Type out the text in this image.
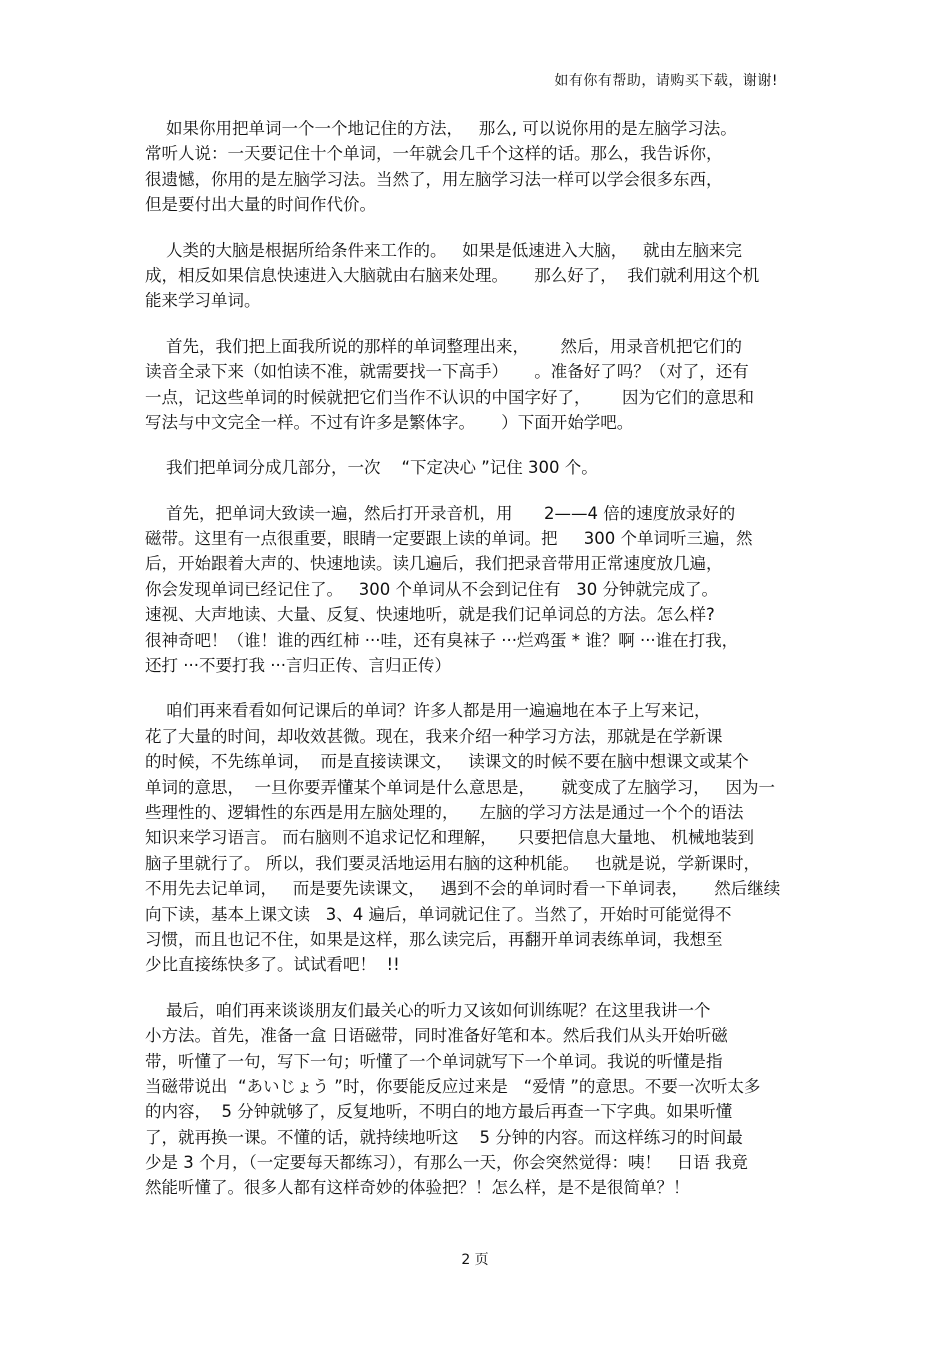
如有你有帮助，请购买下载，谢谢!
如果你用把单词一个一个地记住的方法，   那么, 可以说你用的是左脑学习法。
常听人说：一天要记住十个单词，一年就会几千个这样的话。那么，我告诉你，
很遗憾，你用的是左脑学习法。当然了，用左脑学习法一样可以学会很多东西，
但是要付出大量的时间作代价。
人类的大脑是根据所给条件来工作的。   如果是低速进入大脑，   就由左脑来完
成，相反如果信息快速进入大脑就由右脑来处理。     那么好了，  我们就利用这个机
能来学习单词。
首先，我们把上面我所说的那样的单词整理出来，      然后，用录音机把它们的
读音全录下来（如怕读不准，就需要找一下高手）     。准备好了吗？（对了，还有
一点，记这些单词的时候就把它们当作不认识的中国字好了，      因为它们的意思和
写法与中文完全一样。不过有许多是繁体字。     ）下面开始学吧。
我们把单词分成几部分，一次    “下定决心 ”记住 300 个。
首先，把单词大致读一遍，然后打开录音机，用      2——4 倍的速度放录好的
磁带。这里有一点很重要，眼睛一定要跟上读的单词。把     300 个单词听三遍，然
后，开始跟着大声的、快速地读。读几遍后，我们把录音带用正常速度放几遍，
你会发现单词已经记住了。   300 个单词从不会到记住有   30 分钟就完成了。
速视、大声地读、大量、反复、快速地听，就是我们记单词总的方法。怎么样?
很神奇吧！（谁！谁的西红柿 ···哇，还有臭袜子 ···烂鸡蛋 * 谁？啊 ···谁在打我，
还打 ···不要打我 ···言归正传、言归正传）
咱们再来看看如何记课后的单词？许多人都是用一遍遍地在本子上写来记，
花了大量的时间，却收效甚微。现在，我来介绍一种学习方法，那就是在学新课
的时候，不先练单词，  而是直接读课文，   读课文的时候不要在脑中想课文或某个
单词的意思，  一旦你要弄懂某个单词是什么意思是，     就变成了左脑学习，   因为一
些理性的、逻辑性的东西是用左脑处理的，    左脑的学习方法是通过一个个的语法
知识来学习语言。 而右脑则不追求记忆和理解，    只要把信息大量地、 机械地装到
脑子里就行了。 所以，我们要灵活地运用右脑的这种机能。   也就是说，学新课时，
不用先去记单词，   而是要先读课文，   遇到不会的单词时看一下单词表，     然后继续
向下读，基本上课文读   3、4 遍后，单词就记住了。当然了，开始时可能觉得不
习惯，而且也记不住，如果是这样，那么读完后，再翻开单词表练单词，我想至
少比直接练快多了。试试看吧！  !!
最后，咱们再来谈谈朋友们最关心的听力又该如何训练呢？在这里我讲一个
小方法。首先，准备一盒 日语磁带，同时准备好笔和本。然后我们从头开始听磁
带，听懂了一句，写下一句；听懂了一个单词就写下一个单词。我说的听懂是指
当磁带说出  “あいじょう ”时，你要能反应过来是   “爱情 ”的意思。不要一次听太多
的内容，  5 分钟就够了，反复地听，不明白的地方最后再查一下字典。如果听懂
了，就再换一课。不懂的话，就持续地听这    5 分钟的内容。而这样练习的时间最
少是 3 个月，（一定要每天都练习），有那么一天，你会突然觉得：咦！   日语 我竟
然能听懂了。很多人都有这样奇妙的体验把？！怎么样，是不是很简单？！
2 页
